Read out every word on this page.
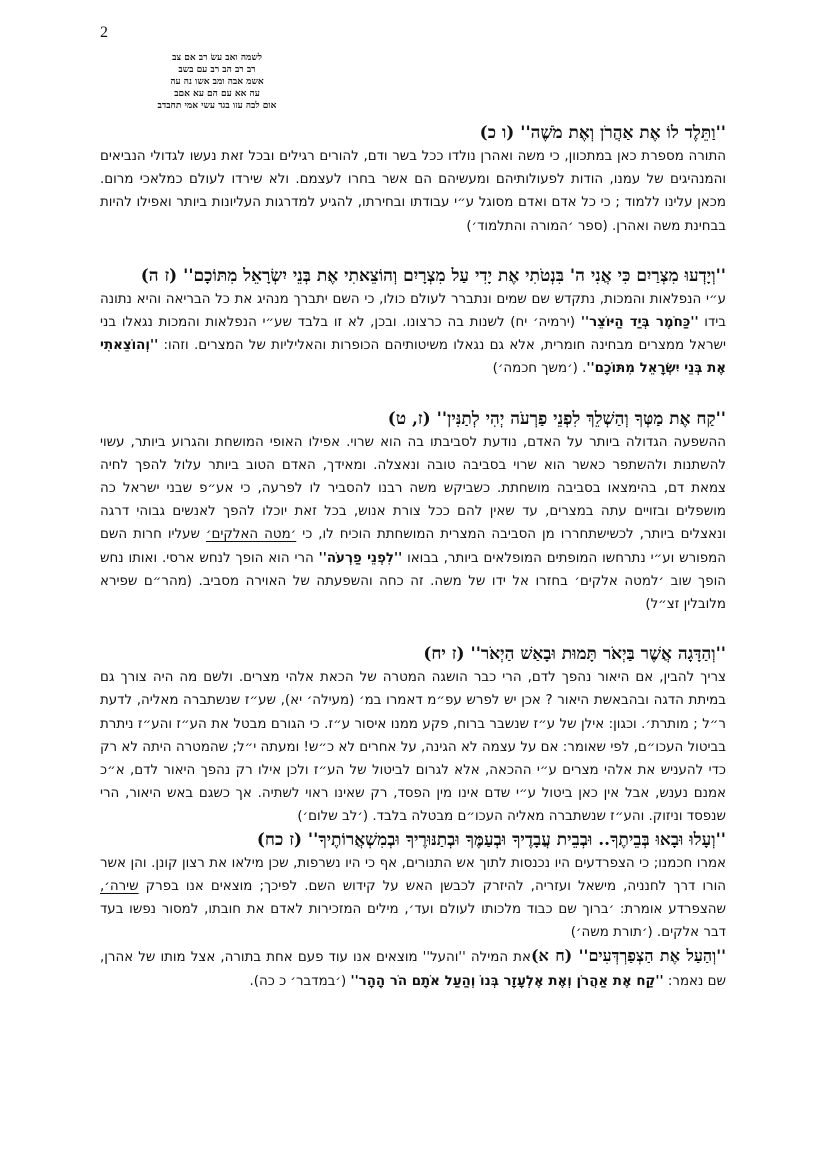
2
לשמה ואב עשׂ רב אם צב
רב רב הב רב עם בשב
אשמ אבה ומב אשו נה עה
עה אא עם הם עא אםב
אום לבה עזו בגד עשי אמי תחבדב

''וַתֵּלֶד לוֹ אֶת אַהֲרֹן וְאֶת מֹשֶׁה'' (ו כ)

התורה מספרת כאן במתכוון, כי משה ואהרן נולדו ככל בשר ודם, להורים רגילים ובכל זאת נעשו לגדולי הנביאים והמנהיגים של עמנו, הודות לפעולותיהם ומעשיהם הם אשר בחרו לעצמם. ולא שירדו לעולם כמלאכי מרום. מכאן עלינו ללמוד ; כי כל אדם ואדם מסוגל ע״י עבודתו ובחירתו, להגיע למדרגות העליונות ביותר ואפילו להיות בבחינת משה ואהרן. (ספר ׳המורה והתלמוד׳)

''וְיָדְעוּ מִצְרַיִם כִּי אֲנִי ה' בִּנְטֹתִי אֶת יָדִי עַל מִצְרָיִם וְהוֹצֵאתִי אֶת בְּנֵי יִשְׂרָאֵל מִתּוֹכָם'' (ז ה)

ע״י הנפלאות והמכות, נתקדש שם שמים ונתברר לעולם כולו, כי השם יתברך מנהיג את כל הבריאה והיא נתונה בידו ''כַּחֹמֶר בְּיַד הַיּוֹצֵר'' (ירמיה׳ יח) לשנות בה כרצונו. ובכן, לא זו בלבד שע״י הנפלאות והמכות נגאלו בני ישראל ממצרים מבחינה חומרית, אלא גם נגאלו משיטותיהם הכופרות והאליליות של המצרים. וזהו: ''וְהוֹצֵאתִי אֶת בְּנֵי יִשְׂרָאֵל מִתּוֹכָם''. (׳משך חכמה׳)

''קַח אֶת מַטְּךָ וְהַשְׁלֵךְ לִפְנֵי פַרְעֹה יְהִי לְתַנִּין'' (ז, ט)

ההשפעה הגדולה ביותר על האדם, נודעת לסביבתו בה הוא שרוי. אפילו האופי המושחת והגרוע ביותר, עשוי להשתנות ולהשתפר כאשר הוא שרוי בסביבה טובה ונאצלה. ומאידך, האדם הטוב ביותר עלול להפך לחיה צמאת דם, בהימצאו בסביבה מושחתת. כשביקש משה רבנו להסביר לו לפרעה, כי אע״פ שבני ישראל כה מושפלים ובזויים עתה במצרים, עד שאין להם ככל צורת אנוש, בכל זאת יוכלו להפך לאנשים גבוהי דרגה ונאצלים ביותר, לכשישתחררו מן הסביבה המצרית המושחתת הוכיח לו, כי ׳מטה האלקים׳ שעליו חרות השם המפורש וע״י נתרחשו המופתים המופלאים ביותר, בבואו ''לִפְנֵי פַרְעֹה'' הרי הוא הופך לנחש ארסי. ואותו נחש הופך שוב ׳למטה אלקים׳ בחזרו אל ידו של משה. זה כחה והשפעתה של האוירה מסביב. (מהר״ם שפירא מלובלין זצ״ל)

''וְהַדָּגָה אֲשֶׁר בַּיְאֹר תָּמוּת וּבָאַשׁ הַיְאֹר'' (ז יח)

צריך להבין, אם היאור נהפך לדם, הרי כבר הושגה המטרה של הכאת אלהי מצרים. ולשם מה היה צורך גם במיתת הדגה ובהבאשת היאור ? אכן יש לפרש עפ״מ דאמרו במ׳ (מעילה׳ יא), שע״ז שנשתברה מאליה, לדעת ר״ל ; מותרת׳. וכגון: אילן של ע״ז שנשבר ברוח, פקע ממנו איסור ע״ז. כי הגורם מבטל את הע״ז והע״ז ניתרת בביטול העכו״ם, לפי שאומר: אם על עצמה לא הגינה, על אחרים לא כ״ש! ומעתה י״ל; שהמטרה היתה לא רק כדי להעניש את אלהי מצרים ע״י ההכאה, אלא לגרום לביטול של הע״ז ולכן אילו רק נהפך היאור לדם, א״כ אמנם נענש, אבל אין כאן ביטול ע״י שדם אינו מין הפסד, רק שאינו ראוי לשתיה. אך כשגם באש היאור, הרי שנפסד וניזוק. והע״ז שנשתברה מאליה העכו״ם מבטלה בלבד. (׳לב שלום׳)

''וְעָלוּ וּבָאוּ בְּבֵיתֶךָ.. וּבְבֵית עֲבָדֶיךָ וּבְעַמֶּךָ וּבְתַנּוּרֶיךָ וּבְמִשְׁאֲרוֹתֶיךָ'' (ז כח)

אמרו חכמנו; כי הצפרדעים היו נכנסות לתוך אש התנורים, אף כי היו נשרפות, שכן מילאו את רצון קונן. והן אשר הורו דרך לחנניה, מישאל ועזריה, להיזרק לכבשן האש על קידוש השם. לפיכך; מוצאים אנו בפרק שירה׳, שהצפרדע אומרת: ׳ברוך שם כבוד מלכותו לעולם ועד׳, מילים המזכירות לאדם את חובתו, למסור נפשו בעד דבר אלקים. (׳תורת משה׳)

''וְהַעַל אֶת הַצְפַרְדְּעִים'' (ח א)את המילה ''והעל'' מוצאים אנו עוד פעם אחת בתורה, אצל מותו של אהרן, שם נאמר: ''קַח אֶת אַהֲרֹן וְאֶת אֶלְעָזָר בְּנוֹ וְהַעַל אֹתָם הֹר הָהָר'' (׳במדבר׳ כ כה).
